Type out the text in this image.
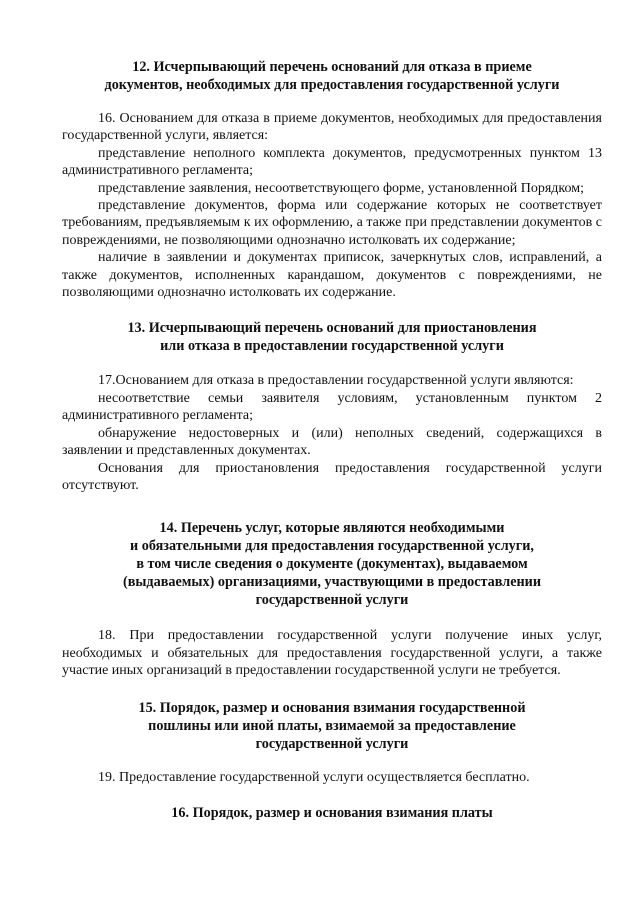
12. Исчерпывающий перечень оснований для отказа в приеме
документов, необходимых для предоставления государственной услуги

16. Основанием для отказа в приеме документов, необходимых для предоставления государственной услуги, является:

представление неполного комплекта документов, предусмотренных пунктом 13 административного регламента;

представление заявления, несоответствующего форме, установленной Порядком;

представление документов, форма или содержание которых не соответствует требованиям, предъявляемым к их оформлению, а также при представлении документов с повреждениями, не позволяющими однозначно истолковать их содержание;

наличие в заявлении и документах приписок, зачеркнутых слов, исправлений, а также документов, исполненных карандашом, документов с повреждениями, не позволяющими однозначно истолковать их содержание.

13. Исчерпывающий перечень оснований для приостановления
или отказа в предоставлении государственной услуги

17.Основанием для отказа в предоставлении государственной услуги являются:

несоответствие семьи заявителя условиям, установленным пунктом 2 административного регламента;

обнаружение недостоверных и (или) неполных сведений, содержащихся в заявлении и представленных документах.

Основания для приостановления предоставления государственной услуги отсутствуют.

14. Перечень услуг, которые являются необходимыми
и обязательными для предоставления государственной услуги,
в том числе сведения о документе (документах), выдаваемом
(выдаваемых) организациями, участвующими в предоставлении
государственной услуги

18. При предоставлении государственной услуги получение иных услуг, необходимых и обязательных для предоставления государственной услуги, а также участие иных организаций в предоставлении государственной услуги не требуется.

15. Порядок, размер и основания взимания государственной
пошлины или иной платы, взимаемой за предоставление
государственной услуги

19. Предоставление государственной услуги осуществляется бесплатно.

16. Порядок, размер и основания взимания платы
